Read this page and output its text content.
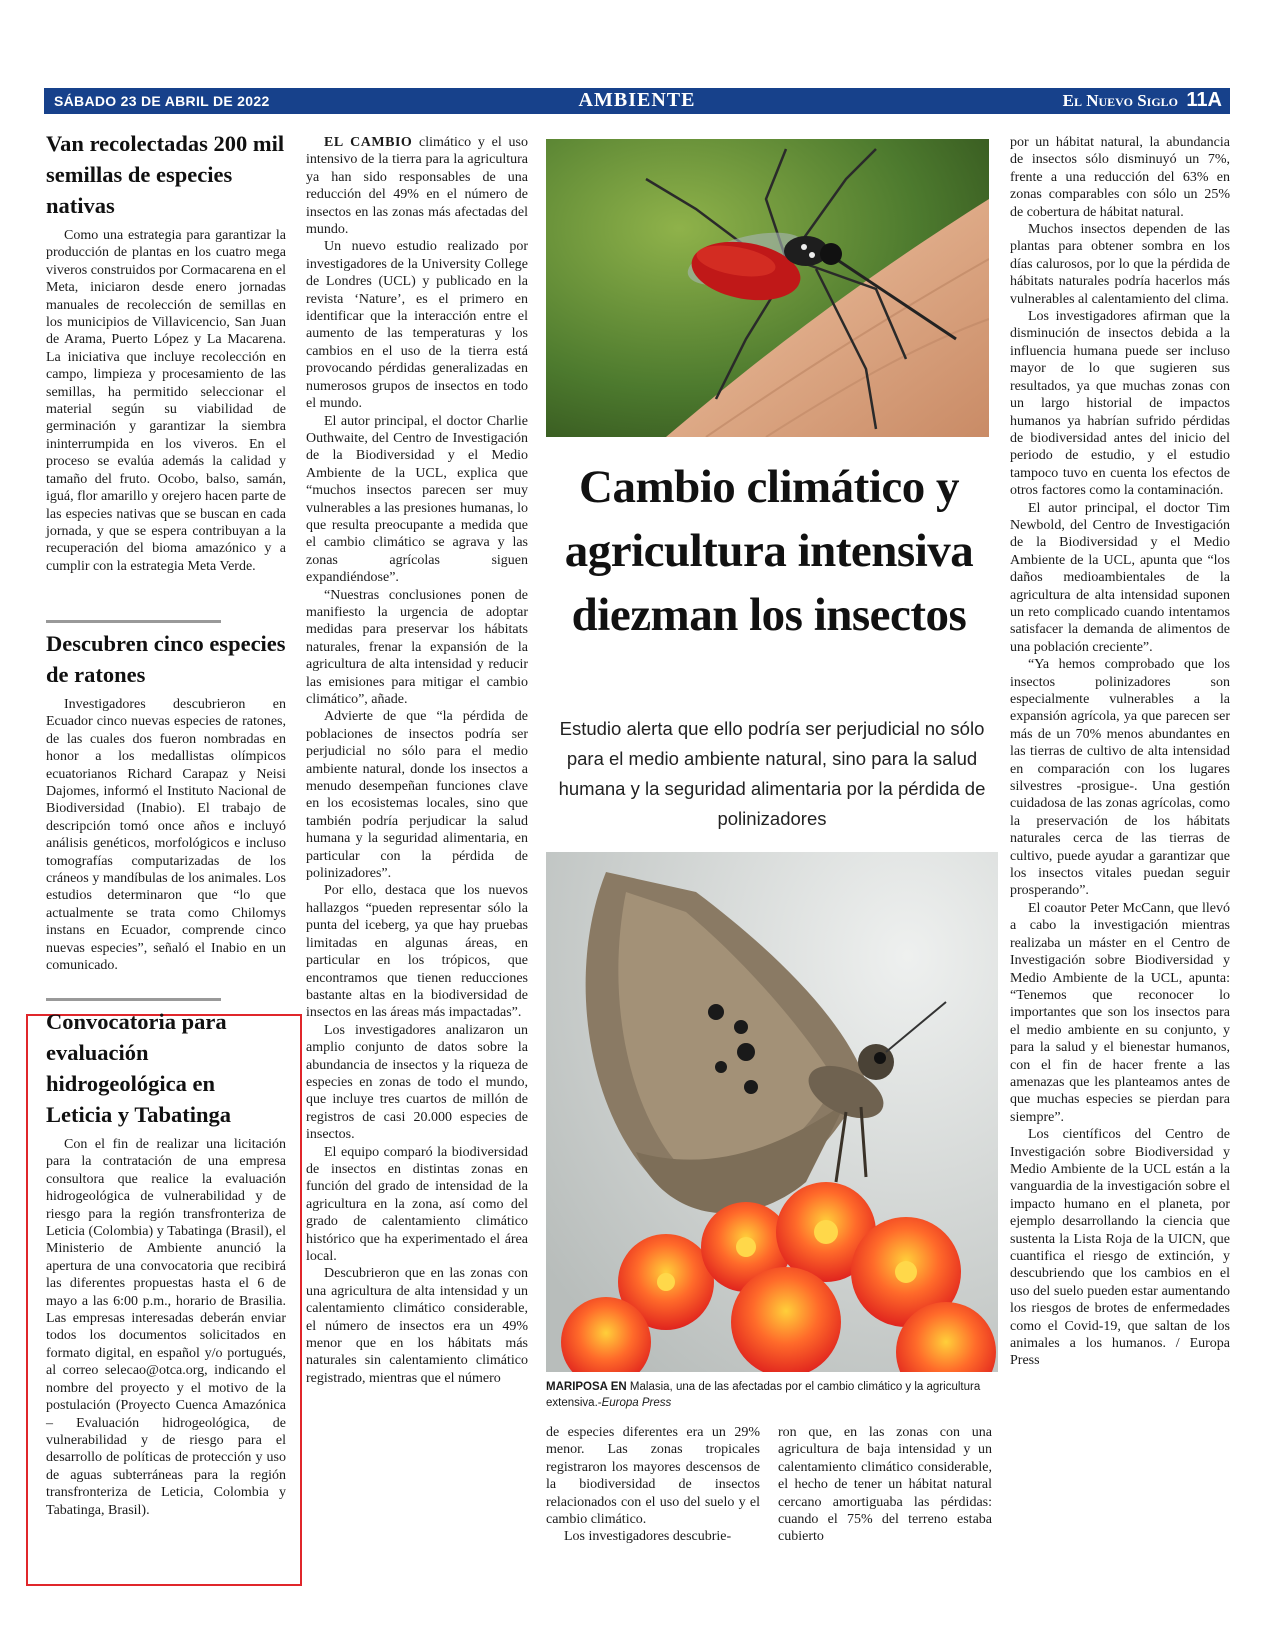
SÁBADO 23 DE ABRIL DE 2022	AMBIENTE	El Nuevo Siglo 11A
Van recolectadas 200 mil semillas de especies nativas

Como una estrategia para garantizar la producción de plantas en los cuatro mega viveros construidos por Cormacarena en el Meta, iniciaron desde enero jornadas manuales de recolección de semillas en los municipios de Villavicencio, San Juan de Arama, Puerto López y La Macarena. La iniciativa que incluye recolección en campo, limpieza y procesamiento de las semillas, ha permitido seleccionar el material según su viabilidad de germinación y garantizar la siembra ininterrumpida en los viveros. En el proceso se evalúa además la calidad y tamaño del fruto. Ocobo, balso, samán, iguá, flor amarillo y orejero hacen parte de las especies nativas que se buscan en cada jornada, y que se espera contribuyan a la recuperación del bioma amazónico y a cumplir con la estrategia Meta Verde.

Descubren cinco especies de ratones

Investigadores descubrieron en Ecuador cinco nuevas especies de ratones, de las cuales dos fueron nombradas en honor a los medallistas olímpicos ecuatorianos Richard Carapaz y Neisi Dajomes, informó el Instituto Nacional de Biodiversidad (Inabio). El trabajo de descripción tomó once años e incluyó análisis genéticos, morfológicos e incluso tomografías computarizadas de los cráneos y mandíbulas de los animales. Los estudios determinaron que “lo que actualmente se trata como Chilomys instans en Ecuador, comprende cinco nuevas especies”, señaló el Inabio en un comunicado.

Convocatoria para evaluación hidrogeológica en Leticia y Tabatinga

Con el fin de realizar una licitación para la contratación de una empresa consultora que realice la evaluación hidrogeológica de vulnerabilidad y de riesgo para la región transfronteriza de Leticia (Colombia) y Tabatinga (Brasil), el Ministerio de Ambiente anunció la apertura de una convocatoria que recibirá las diferentes propuestas hasta el 6 de mayo a las 6:00 p.m., horario de Brasilia. Las empresas interesadas deberán enviar todos los documentos solicitados en formato digital, en español y/o portugués, al correo selecao@otca.org, indicando el nombre del proyecto y el motivo de la postulación (Proyecto Cuenca Amazónica – Evaluación hidrogeológica, de vulnerabilidad y de riesgo para el desarrollo de políticas de protección y uso de aguas subterráneas para la región transfronteriza de Leticia, Colombia y Tabatinga, Brasil).

EL CAMBIO climático y el uso intensivo de la tierra para la agricultura ya han sido responsables de una reducción del 49% en el número de insectos en las zonas más afectadas del mundo.

Un nuevo estudio realizado por investigadores de la University College de Londres (UCL) y publicado en la revista ‘Nature’, es el primero en identificar que la interacción entre el aumento de las temperaturas y los cambios en el uso de la tierra está provocando pérdidas generalizadas en numerosos grupos de insectos en todo el mundo.

El autor principal, el doctor Charlie Outhwaite, del Centro de Investigación de la Biodiversidad y el Medio Ambiente de la UCL, explica que “muchos insectos parecen ser muy vulnerables a las presiones humanas, lo que resulta preocupante a medida que el cambio climático se agrava y las zonas agrícolas siguen expandiéndose”.

“Nuestras conclusiones ponen de manifiesto la urgencia de adoptar medidas para preservar los hábitats naturales, frenar la expansión de la agricultura de alta intensidad y reducir las emisiones para mitigar el cambio climático”, añade.

Advierte de que “la pérdida de poblaciones de insectos podría ser perjudicial no sólo para el medio ambiente natural, donde los insectos a menudo desempeñan funciones clave en los ecosistemas locales, sino que también podría perjudicar la salud humana y la seguridad alimentaria, en particular con la pérdida de polinizadores”.

Por ello, destaca que los nuevos hallazgos “pueden representar sólo la punta del iceberg, ya que hay pruebas limitadas en algunas áreas, en particular en los trópicos, que encontramos que tienen reducciones bastante altas en la biodiversidad de insectos en las áreas más impactadas”.

Los investigadores analizaron un amplio conjunto de datos sobre la abundancia de insectos y la riqueza de especies en zonas de todo el mundo, que incluye tres cuartos de millón de registros de casi 20.000 especies de insectos.

El equipo comparó la biodiversidad de insectos en distintas zonas en función del grado de intensidad de la agricultura en la zona, así como del grado de calentamiento climático histórico que ha experimentado el área local.

Descubrieron que en las zonas con una agricultura de alta intensidad y un calentamiento climático considerable, el número de insectos era un 49% menor que en los hábitats más naturales sin calentamiento climático registrado, mientras que el número

Cambio climático y agricultura intensiva diezman los insectos
Estudio alerta que ello podría ser perjudicial no sólo para el medio ambiente natural, sino para la salud humana y la seguridad alimentaria por la pérdida de polinizadores
MARIPOSA EN Malasia, una de las afectadas por el cambio climático y la agricultura extensiva.-Europa Press

de especies diferentes era un 29% menor. Las zonas tropicales registraron los mayores descensos de la biodiversidad de insectos relacionados con el uso del suelo y el cambio climático.

Los investigadores descubrie-

ron que, en las zonas con una agricultura de baja intensidad y un calentamiento climático considerable, el hecho de tener un hábitat natural cercano amortiguaba las pérdidas: cuando el 75% del terreno estaba cubierto

por un hábitat natural, la abundancia de insectos sólo disminuyó un 7%, frente a una reducción del 63% en zonas comparables con sólo un 25% de cobertura de hábitat natural.

Muchos insectos dependen de las plantas para obtener sombra en los días calurosos, por lo que la pérdida de hábitats naturales podría hacerlos más vulnerables al calentamiento del clima.

Los investigadores afirman que la disminución de insectos debida a la influencia humana puede ser incluso mayor de lo que sugieren sus resultados, ya que muchas zonas con un largo historial de impactos humanos ya habrían sufrido pérdidas de biodiversidad antes del inicio del periodo de estudio, y el estudio tampoco tuvo en cuenta los efectos de otros factores como la contaminación.

El autor principal, el doctor Tim Newbold, del Centro de Investigación de la Biodiversidad y el Medio Ambiente de la UCL, apunta que “los daños medioambientales de la agricultura de alta intensidad suponen un reto complicado cuando intentamos satisfacer la demanda de alimentos de una población creciente”.

“Ya hemos comprobado que los insectos polinizadores son especialmente vulnerables a la expansión agrícola, ya que parecen ser más de un 70% menos abundantes en las tierras de cultivo de alta intensidad en comparación con los lugares silvestres -prosigue-. Una gestión cuidadosa de las zonas agrícolas, como la preservación de los hábitats naturales cerca de las tierras de cultivo, puede ayudar a garantizar que los insectos vitales puedan seguir prosperando”.

El coautor Peter McCann, que llevó a cabo la investigación mientras realizaba un máster en el Centro de Investigación sobre Biodiversidad y Medio Ambiente de la UCL, apunta: “Tenemos que reconocer lo importantes que son los insectos para el medio ambiente en su conjunto, y para la salud y el bienestar humanos, con el fin de hacer frente a las amenazas que les planteamos antes de que muchas especies se pierdan para siempre”.

Los científicos del Centro de Investigación sobre Biodiversidad y Medio Ambiente de la UCL están a la vanguardia de la investigación sobre el impacto humano en el planeta, por ejemplo desarrollando la ciencia que sustenta la Lista Roja de la UICN, que cuantifica el riesgo de extinción, y descubriendo que los cambios en el uso del suelo pueden estar aumentando los riesgos de brotes de enfermedades como el Covid-19, que saltan de los animales a los humanos. / Europa Press
